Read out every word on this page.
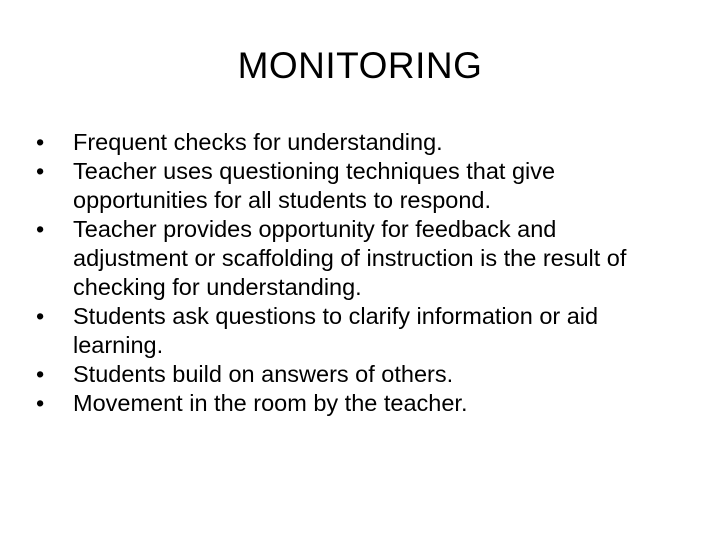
MONITORING
•	Frequent checks for understanding.
•	Teacher uses questioning techniques that give opportunities for all students to respond.
•	Teacher provides opportunity for feedback and adjustment or scaffolding of instruction is the result of checking for understanding.
•	Students ask questions to clarify information or aid learning.
•	Students build on answers of others.
•	Movement in the room by the teacher.
